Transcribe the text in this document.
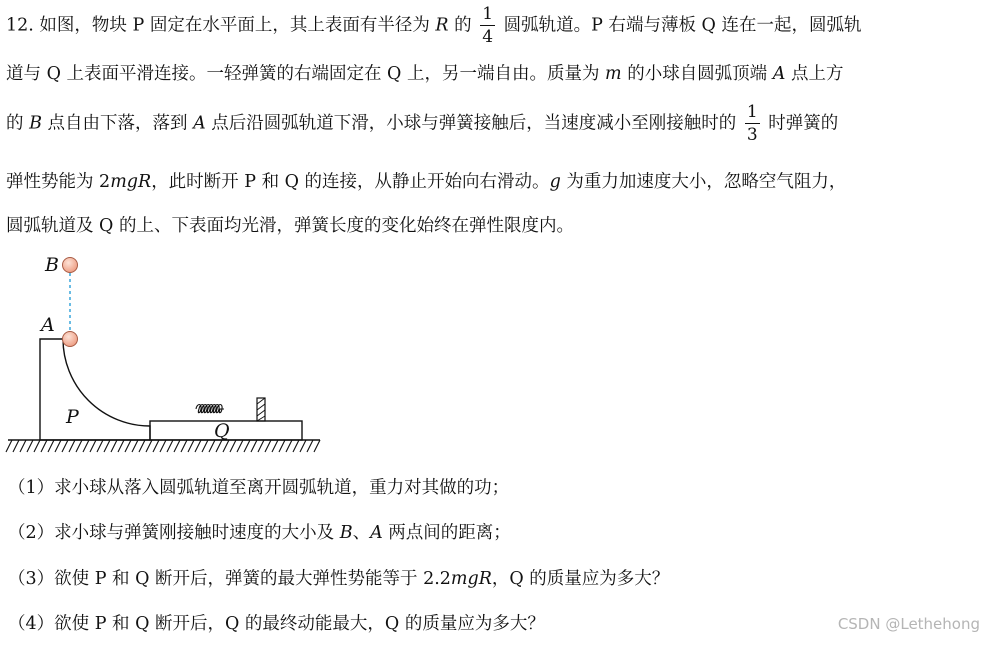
12. 如图，物块 P 固定在水平面上，其上表面有半径为 R 的 $\frac{1}{4}$ 圆弧轨道。P 右端与薄板 Q 连在一起，圆弧轨
道与 Q 上表面平滑连接。一轻弹簧的右端固定在 Q 上，另一端自由。质量为 m 的小球自圆弧顶端 A 点上方
的 B 点自由下落，落到 A 点后沿圆弧轨道下滑，小球与弹簧接触后，当速度减小至刚接触时的 $\frac{1}{3}$ 时弹簧的
弹性势能为 2mgR，此时断开 P 和 Q 的连接，从静止开始向右滑动。g 为重力加速度大小，忽略空气阻力，
圆弧轨道及 Q 的上、下表面均光滑，弹簧长度的变化始终在弹性限度内。
B
A
P
Q
（1）求小球从落入圆弧轨道至离开圆弧轨道，重力对其做的功；
（2）求小球与弹簧刚接触时速度的大小及 B、A 两点间的距离；
（3）欲使 P 和 Q 断开后，弹簧的最大弹性势能等于 2.2mgR，Q 的质量应为多大？
（4）欲使 P 和 Q 断开后，Q 的最终动能最大，Q 的质量应为多大？	CSDN @Lethehong
